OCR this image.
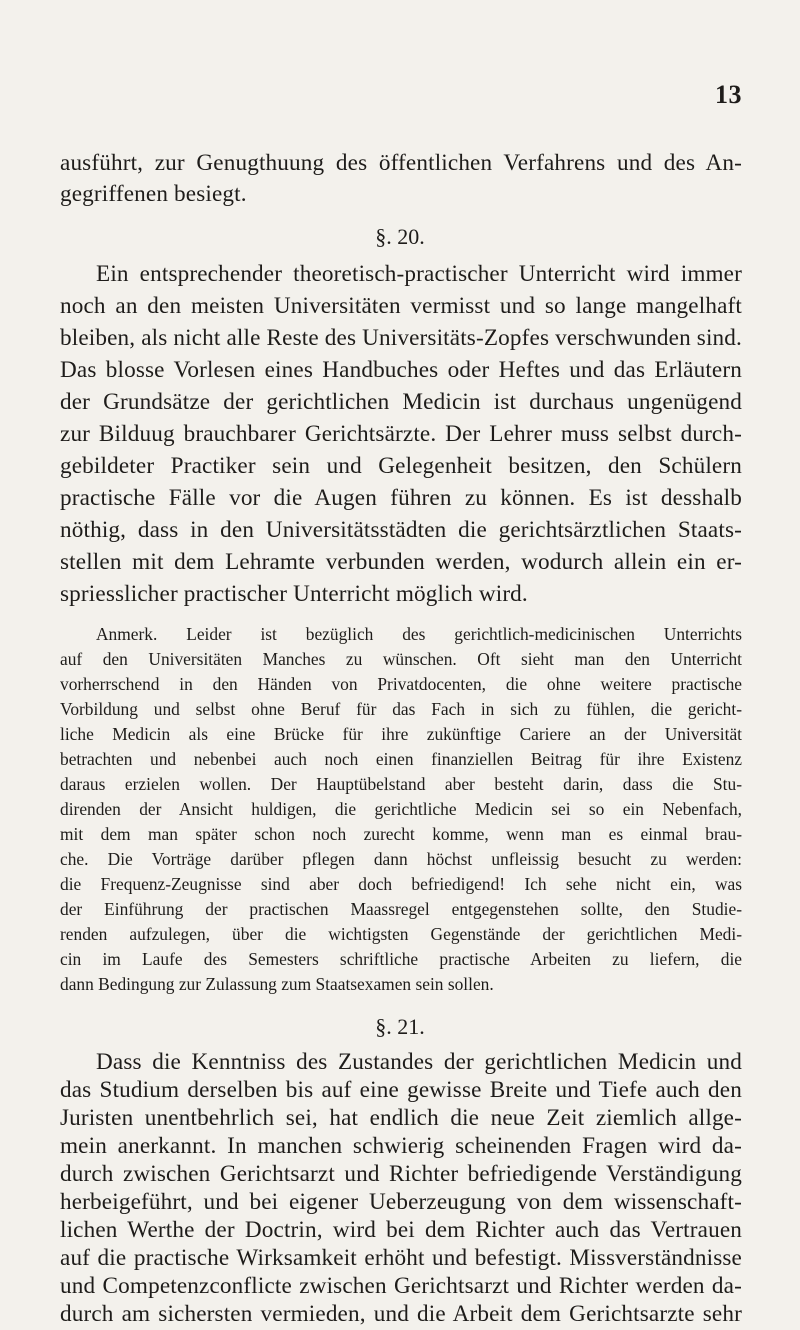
13
ausführt, zur Genugthuung des öffentlichen Verfahrens und des An-
gegriffenen besiegt.
§. 20.
Ein entsprechender theoretisch-practischer Unterricht wird immer
noch an den meisten Universitäten vermisst und so lange mangelhaft
bleiben, als nicht alle Reste des Universitäts-Zopfes verschwunden sind.
Das blosse Vorlesen eines Handbuches oder Heftes und das Erläutern
der Grundsätze der gerichtlichen Medicin ist durchaus ungenügend
zur Bilduug brauchbarer Gerichtsärzte. Der Lehrer muss selbst durch-
gebildeter Practiker sein und Gelegenheit besitzen, den Schülern
practische Fälle vor die Augen führen zu können. Es ist desshalb
nöthig, dass in den Universitätsstädten die gerichtsärztlichen Staats-
stellen mit dem Lehramte verbunden werden, wodurch allein ein er-
spriesslicher practischer Unterricht möglich wird.
Anmerk. Leider ist bezüglich des gerichtlich-medicinischen Unterrichts
auf den Universitäten Manches zu wünschen. Oft sieht man den Unterricht
vorherrschend in den Händen von Privatdocenten, die ohne weitere practische
Vorbildung und selbst ohne Beruf für das Fach in sich zu fühlen, die gericht-
liche Medicin als eine Brücke für ihre zukünftige Cariere an der Universität
betrachten und nebenbei auch noch einen finanziellen Beitrag für ihre Existenz
daraus erzielen wollen. Der Hauptübelstand aber besteht darin, dass die Stu-
direnden der Ansicht huldigen, die gerichtliche Medicin sei so ein Nebenfach,
mit dem man später schon noch zurecht komme, wenn man es einmal brau-
che. Die Vorträge darüber pflegen dann höchst unfleissig besucht zu werden:
die Frequenz-Zeugnisse sind aber doch befriedigend! Ich sehe nicht ein, was
der Einführung der practischen Maassregel entgegenstehen sollte, den Studie-
renden aufzulegen, über die wichtigsten Gegenstände der gerichtlichen Medi-
cin im Laufe des Semesters schriftliche practische Arbeiten zu liefern, die
dann Bedingung zur Zulassung zum Staatsexamen sein sollen.
§. 21.
Dass die Kenntniss des Zustandes der gerichtlichen Medicin und
das Studium derselben bis auf eine gewisse Breite und Tiefe auch den
Juristen unentbehrlich sei, hat endlich die neue Zeit ziemlich allge-
mein anerkannt. In manchen schwierig scheinenden Fragen wird da-
durch zwischen Gerichtsarzt und Richter befriedigende Verständigung
herbeigeführt, und bei eigener Ueberzeugung von dem wissenschaft-
lichen Werthe der Doctrin, wird bei dem Richter auch das Vertrauen
auf die practische Wirksamkeit erhöht und befestigt. Missverständnisse
und Competenzconflicte zwischen Gerichtsarzt und Richter werden da-
durch am sichersten vermieden, und die Arbeit dem Gerichtsarzte sehr
